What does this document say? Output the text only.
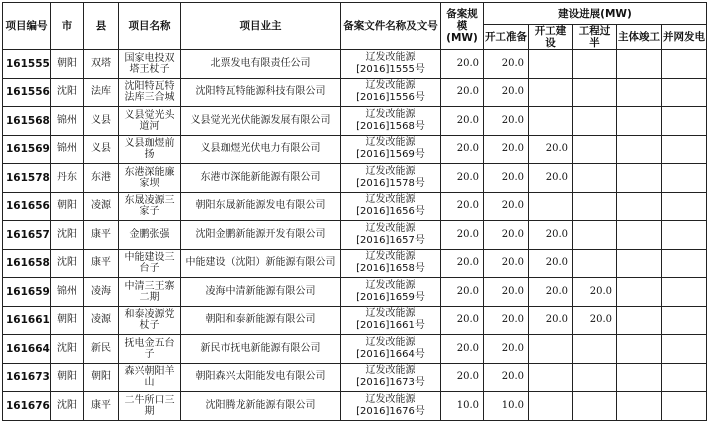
项目编号	市	县	项目名称	项目业主	备案文件名称及文号	备案规模(MW)	建设进展(MW)				
							开工准备	开工建设	工程过半	主体竣工	并网发电
161555	朝阳	双塔	国家电投双塔王杖子	北票发电有限责任公司	辽发改能源
[2016]1555号	20.0	20.0				
161556	沈阳	法库	沈阳特瓦特法库三合城	沈阳特瓦特能源科技有限公司	辽发改能源
[2016]1556号	20.0	20.0				
161568	锦州	义县	义县觉光头道河	义县觉光光伏能源发展有限公司	辽发改能源
[2016]1568号	20.0	20.0				
161569	锦州	义县	义县珈煜前扬	义县珈煜光伏电力有限公司	辽发改能源
[2016]1569号	20.0	20.0	20.0			
161578	丹东	东港	东港深能廉家坝	东港市深能新能源有限公司	辽发改能源
[2016]1578号	20.0	20.0	20.0			
161656	朝阳	凌源	东晟凌源三家子	朝阳东晟新能源发电有限公司	辽发改能源
[2016]1656号	20.0	20.0				
161657	沈阳	康平	金鹏张强	沈阳金鹏新能源开发有限公司	辽发改能源
[2016]1657号	20.0	20.0	20.0			
161658	沈阳	康平	中能建设三台子	中能建设（沈阳）新能源有限公司	辽发改能源
[2016]1658号	20.0	20.0	20.0			
161659	锦州	凌海	中清三王寨二期	凌海中清新能源有限公司	辽发改能源
[2016]1659号	20.0	20.0	20.0	20.0		
161661	朝阳	凌源	和泰凌源党杖子	朝阳和泰新能源有限公司	辽发改能源
[2016]1661号	20.0	20.0	20.0	20.0		
161664	沈阳	新民	抚电金五台子	新民市抚电新能源有限公司	辽发改能源
[2016]1664号	20.0	20.0				
161673	朝阳	朝阳	森兴朝阳羊山	朝阳森兴太阳能发电有限公司	辽发改能源
[2016]1673号	20.0	20.0				
161676	沈阳	康平	二牛所口三期	沈阳腾龙新能源有限公司	辽发改能源
[2016]1676号	10.0	10.0				
